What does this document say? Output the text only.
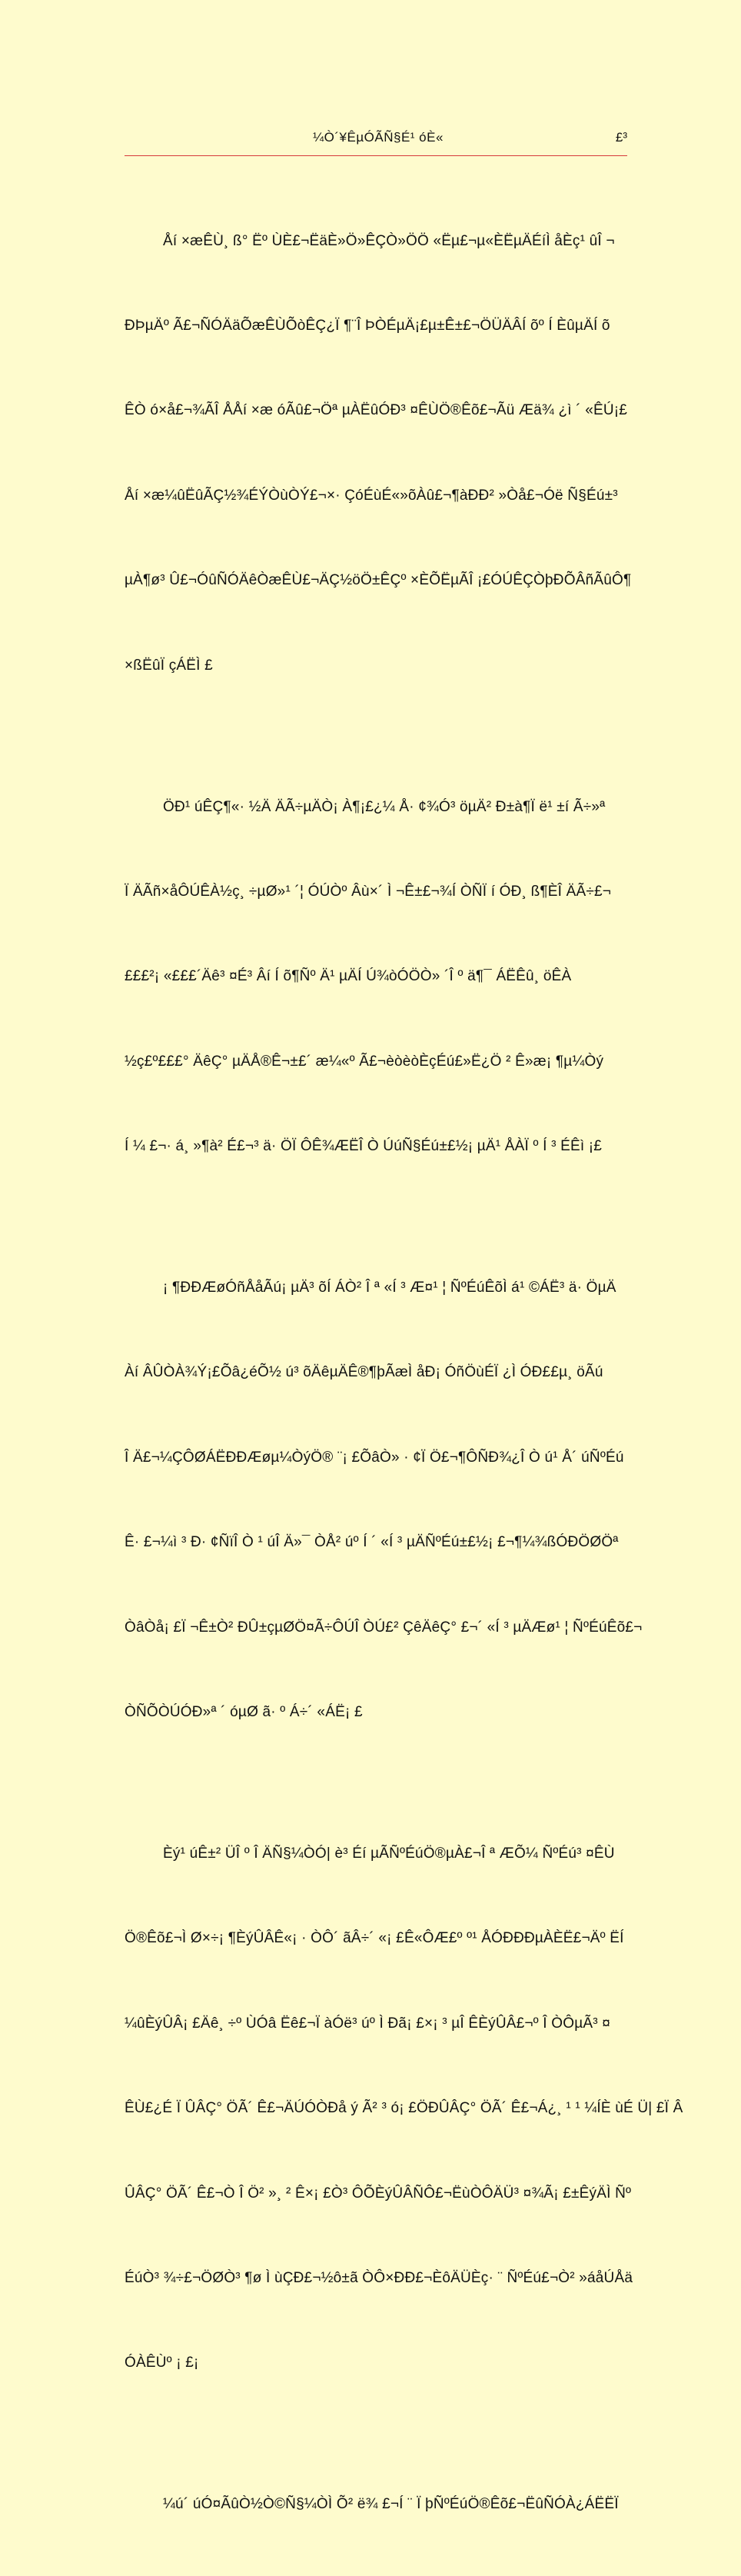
¼Ò´¥ÊµÓÃÑ§É¹ óÈ«	£³

Åí ×æÊÙ¸ ß° Ëº ÙÈ£¬ËäÈ»Ö»ÊÇÒ»ÖÖ «Ëµ£¬µ«ÈËµÄÉíÌ åÈç¹ ûÎ ¬

ÐÞµÄº Ã£¬ÑÓÄäÕæÊÙÕòÊÇ¿Ï ¶¨Î ÞÒÉµÄ¡£µ±Ê±£¬ÖÜÄÂÍ õº Í ÈûµÄÍ õ

ÊÒ ó×å£¬¾ÃÎ ÅÅí ×æ óÃû£¬Öª µÀËûÓÐ³ ¤ÊÙÖ®Êõ£¬Ãü Æä¾ ¿ì ´ «ÊÚ¡£

Åí ×æ¼ûËûÃÇ½¾ÉÝÒùÒÝ£¬×· ÇóÉùÉ«»õÀû£¬¶àÐÐ² »Òå£¬Óë Ñ§Éú±³

µÀ¶ø³ Û£¬ÓûÑÓÄêÒæÊÙ£¬ÄÇ½öÖ±ÊÇº ×ÈÕËµÃÎ ¡£ÓÚÊÇÒþÐÕÂñÃûÔ¶

×ßËûÏ çÁËÌ £

ÖÐ¹ úÊÇ¶«· ½Ä ÄÃ÷µÄÒ¡ À¶¡£¿¼ Å· ¢¾Ó³ öµÄ² Ð±à¶Ï ë¹ ±í Ã÷»ª

Ï ÄÃñ×åÔÚÊÀ½ç¸ ÷µØ»¹ ´¦ ÓÚÒº Âù×´ Ì ¬Ê±£¬¾Í ÒÑÏ í ÓÐ¸ ß¶ÈÎ ÄÃ÷£¬

£££²¡ «£££´Äê³ ¤É³ Âí Í õ¶Ñº Ä¹ µÄÍ Ú¾òÓÖÒ» ´Î º ä¶¯ ÁËÊû¸ öÊÀ

½ç£º£££° ÄêÇ° µÄÅ®Ê¬±£´ æ¼«º Ã£¬èòèòÈçÉú£»Ë¿Ö ² Ê»æ¡ ¶µ¼Òý

Í ¼ £¬· á¸ »¶à² É£¬³ ä· ÖÏ ÔÊ¾ÆËÎ Ò ÚúÑ§Éú±£½¡ µÄ¹ ÅÀÏ º Í ³ ÉÊì ¡£

¡ ¶ÐÐÆøÓñÅåÃú¡ µÄ³ õÍ ÁÒ² Î ª «Í ³ Æ¤¹ ¦ ÑºÉúÊõÌ á¹ ©ÁË³ ä· ÖµÄ

Àí ÂÛÒÀ¾Ý¡£Õâ¿éÕ½ ú³ õÄêµÄÊ®¶þÃæÌ åÐ¡ ÓñÖùÉÏ ¿Ì ÓÐ££µ¸ öÃú

Î Ä£¬¼ÇÔØÁËÐÐÆøµ¼ÒýÖ® ¨¡ £ÕâÒ» · ¢Ï Ö£¬¶ÔÑÐ¾¿Î Ò ú¹ Å´ úÑºÉú

Ê· £¬¼ì ³ Ð· ¢ÑïÎ Ò ¹ úÎ Ä»¯ ÒÅ² úº Í ´ «Í ³ µÄÑºÉú±£½¡ £¬¶¼¾ßÓÐÖØÖª

ÒâÒå¡ £Ï ¬Ê±Ò² ÐÛ±çµØÖ¤Ã÷ÔÚÎ ÒÚ£² ÇêÄêÇ° £¬´ «Í ³ µÄÆø¹ ¦ ÑºÉúÊõ£¬

ÒÑÕÒÚÓÐ»ª ´ óµØ ã· º Á÷´ «ÁË¡ £

Èý¹ úÊ±² ÜÎ º Î ÄÑ§¼ÒÓ| è³ Éí µÃÑºÉúÖ®µÀ£¬Î ª ÆÕ¼ ÑºÉú³ ¤ÊÙ

Ö®Êõ£¬Ì Ø×÷¡ ¶ÈýÛÂÊ«¡ · ÒÔ´ ãÂ÷´ «¡ £Ê«ÔÆ£º º¹ ÅÓÐÐÐµÀÈË£¬Äº ËÍ

¼ûÈýÛÂ¡ £Äê¸ ÷º ÙÓâ Ëê£¬Ï àÓë³ úº Ì Ðã¡ £×¡ ³ µÎ ÊÈýÛÂ£¬º Î ÒÔµÃ³ ¤

ÊÙ£¿É Ï ÛÂÇ° ÖÃ´ Ê£¬ÄÚÓÒÐå ý Ã² ³ ó¡ £ÖÐÛÂÇ° ÖÃ´ Ê£¬Á¿¸ ¹ ¹ ¼ÍÈ ùÉ Ü| £Ï Â

ÛÂÇ° ÖÃ´ Ê£¬Ò Î Ö² »¸ ² Ê×¡ £Ò³ ÔÕÈýÛÂÑÔ£¬ËùÒÔÄÜ³ ¤¾Ã¡ £±ÊýÄÌ Ñº

ÉúÒ³ ¾÷£¬ÖØÒ³ ¶ø Ì ùÇÐ£¬½ô±ã ÒÔ×ÐÐ£¬ÈôÄÜÈç· ¨ ÑºÉú£¬Ò² »áåÚÅä

ÓÀÊÙº ¡ £¡

¼ú´ úÓ¤ÃûÒ½Ò©Ñ§¼ÒÌ Õ² ë¾ £¬Í ¨ Ï þÑºÉúÖ®Êõ£¬ËûÑÓÀ¿ÁËËÏ
